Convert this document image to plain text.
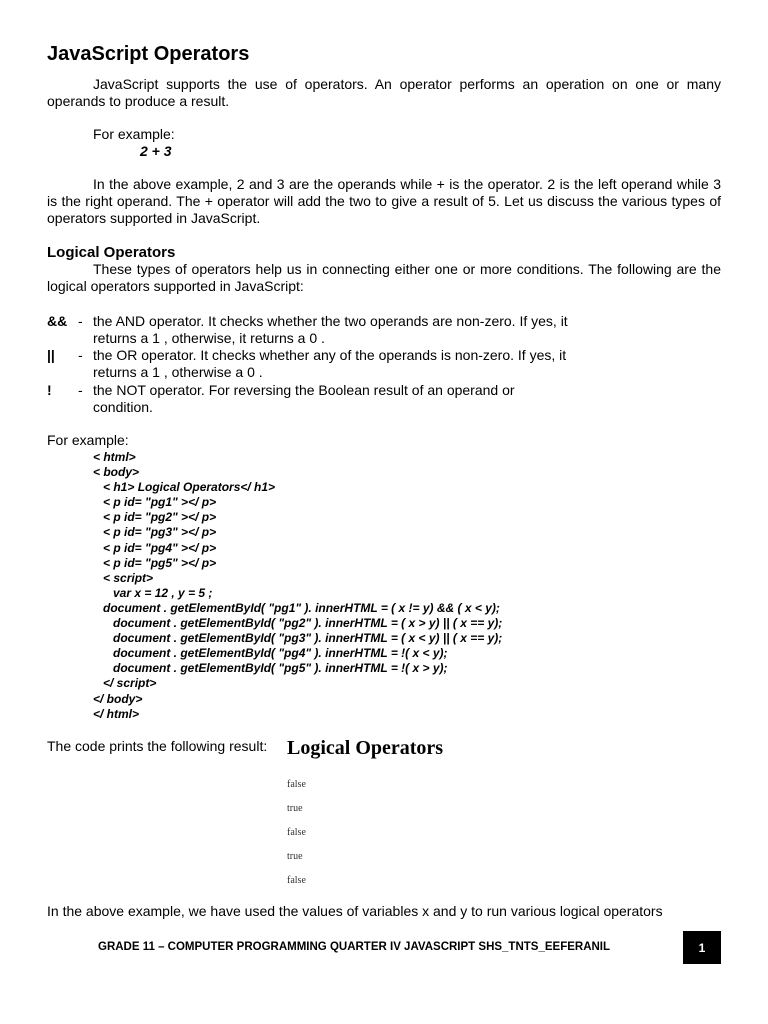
JavaScript Operators
JavaScript supports the use of operators. An operator performs an operation on one or many operands to produce a result.
For example:
2 + 3
In the above example, 2 and 3 are the operands while + is the operator. 2 is the left operand while 3 is the right operand. The + operator will add the two to give a result of 5. Let us discuss the various types of operators supported in JavaScript.
Logical Operators
These types of operators help us in connecting either one or more conditions. The following are the logical operators supported in JavaScript:
&& - the AND operator. It checks whether the two operands are non-zero. If yes, it
returns a 1 , otherwise, it returns a 0 .
||	- the OR operator. It checks whether any of the operands is non-zero. If yes, it
returns a 1 , otherwise a 0 .
!	- the NOT operator. For reversing the Boolean result of an operand or
condition.
For example:
< html>
< body>
< h1> Logical Operators</ h1>
< p id= "pg1" ></ p>
< p id= "pg2" ></ p>
< p id= "pg3" ></ p>
< p id= "pg4" ></ p>
< p id= "pg5" ></ p>
< script>
var x = 12 , y = 5 ;
document . getElementById( "pg1" ). innerHTML = ( x != y) && ( x < y);
document . getElementById( "pg2" ). innerHTML = ( x > y) || ( x == y);
document . getElementById( "pg3" ). innerHTML = ( x < y) || ( x == y);
document . getElementById( "pg4" ). innerHTML = !( x < y);
document . getElementById( "pg5" ). innerHTML = !( x > y);
</ script>
</ body>
</ html>
The code prints the following result: Logical Operators
false
true
false
true
false
In the above example, we have used the values of variables x and y to run various logical operators
GRADE 11 – COMPUTER PROGRAMMING QUARTER IV JAVASCRIPT SHS_TNTS_EEFERANIL	1
